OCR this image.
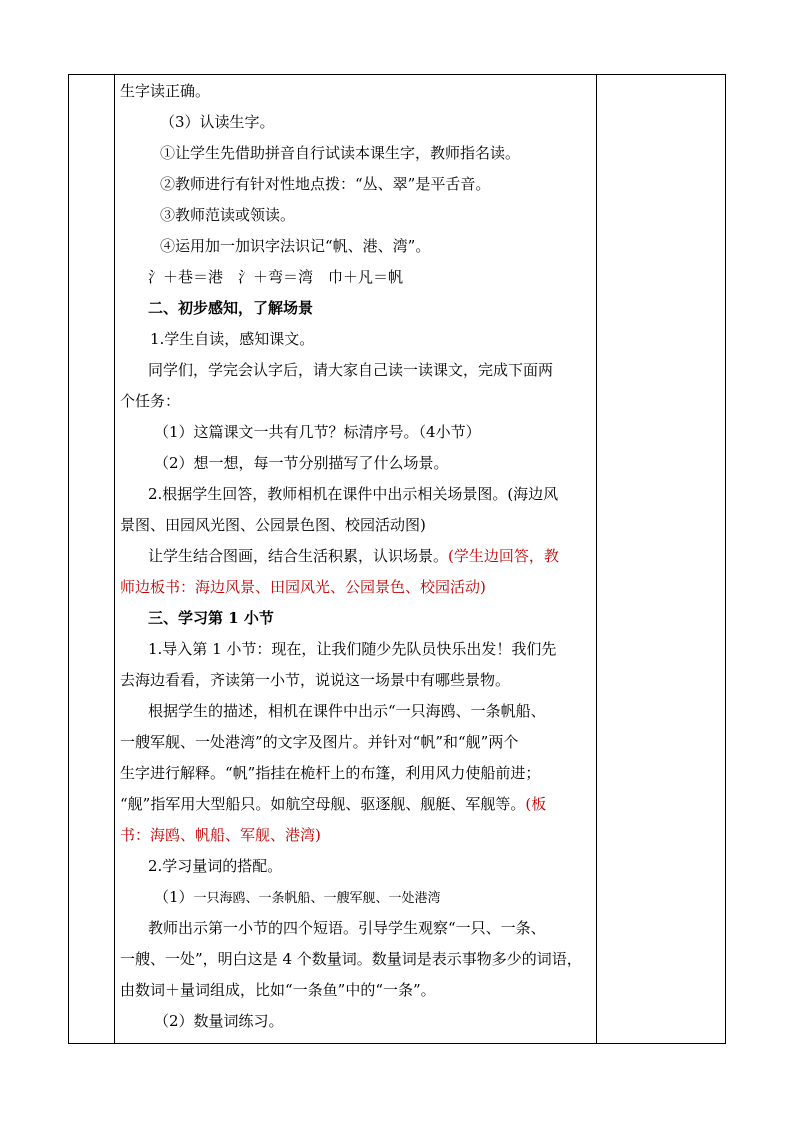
生字读正确。
（3）认读生字。
①让学生先借助拼音自行试读本课生字，教师指名读。
②教师进行有针对性地点拨：“丛、翠”是平舌音。
③教师范读或领读。
④运用加一加识字法识记“帆、港、湾”。
氵＋巷＝港　氵＋弯＝湾　巾＋凡＝帆
二、初步感知，了解场景
1.学生自读，感知课文。
同学们，学完会认字后，请大家自己读一读课文，完成下面两
个任务：
（1）这篇课文一共有几节？标清序号。（4小节）
（2）想一想，每一节分别描写了什么场景。
2.根据学生回答，教师相机在课件中出示相关场景图。(海边风
景图、田园风光图、公园景色图、校园活动图)
让学生结合图画，结合生活积累，认识场景。(学生边回答，教
师边板书：海边风景、田园风光、公园景色、校园活动)
三、学习第 1 小节
1.导入第 1 小节：现在，让我们随少先队员快乐出发！我们先
去海边看看，齐读第一小节，说说这一场景中有哪些景物。
根据学生的描述，相机在课件中出示“一只海鸥、一条帆船、
一艘军舰、一处港湾”的文字及图片。并针对“帆”和“舰”两个
生字进行解释。“帆”指挂在桅杆上的布篷，利用风力使船前进；
“舰”指军用大型船只。如航空母舰、驱逐舰、舰艇、军舰等。(板
书：海鸥、帆船、军舰、港湾)
2.学习量词的搭配。
（1）一只海鸥、一条帆船、一艘军舰、一处港湾
教师出示第一小节的四个短语。引导学生观察“一只、一条、
一艘、一处”，明白这是 4 个数量词。数量词是表示事物多少的词语，
由数词＋量词组成，比如“一条鱼”中的“一条”。
（2）数量词练习。
